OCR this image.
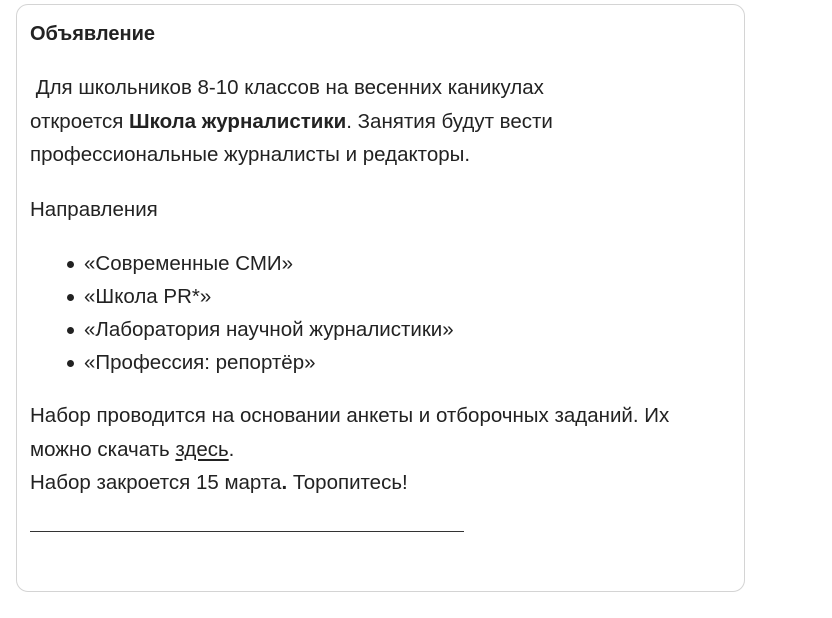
Объявление
Для школьников 8-10 классов на весенних каникулах
откроется Школа журналистики. Занятия будут вести
профессиональные журналисты и редакторы.
Направления
«Современные СМИ»
«Школа PR*»
«Лаборатория научной журналистики»
«Профессия: репортёр»
Набор проводится на основании анкеты и отборочных заданий. Их
можно скачать здесь.
Набор закроется 15 марта. Торопитесь!
